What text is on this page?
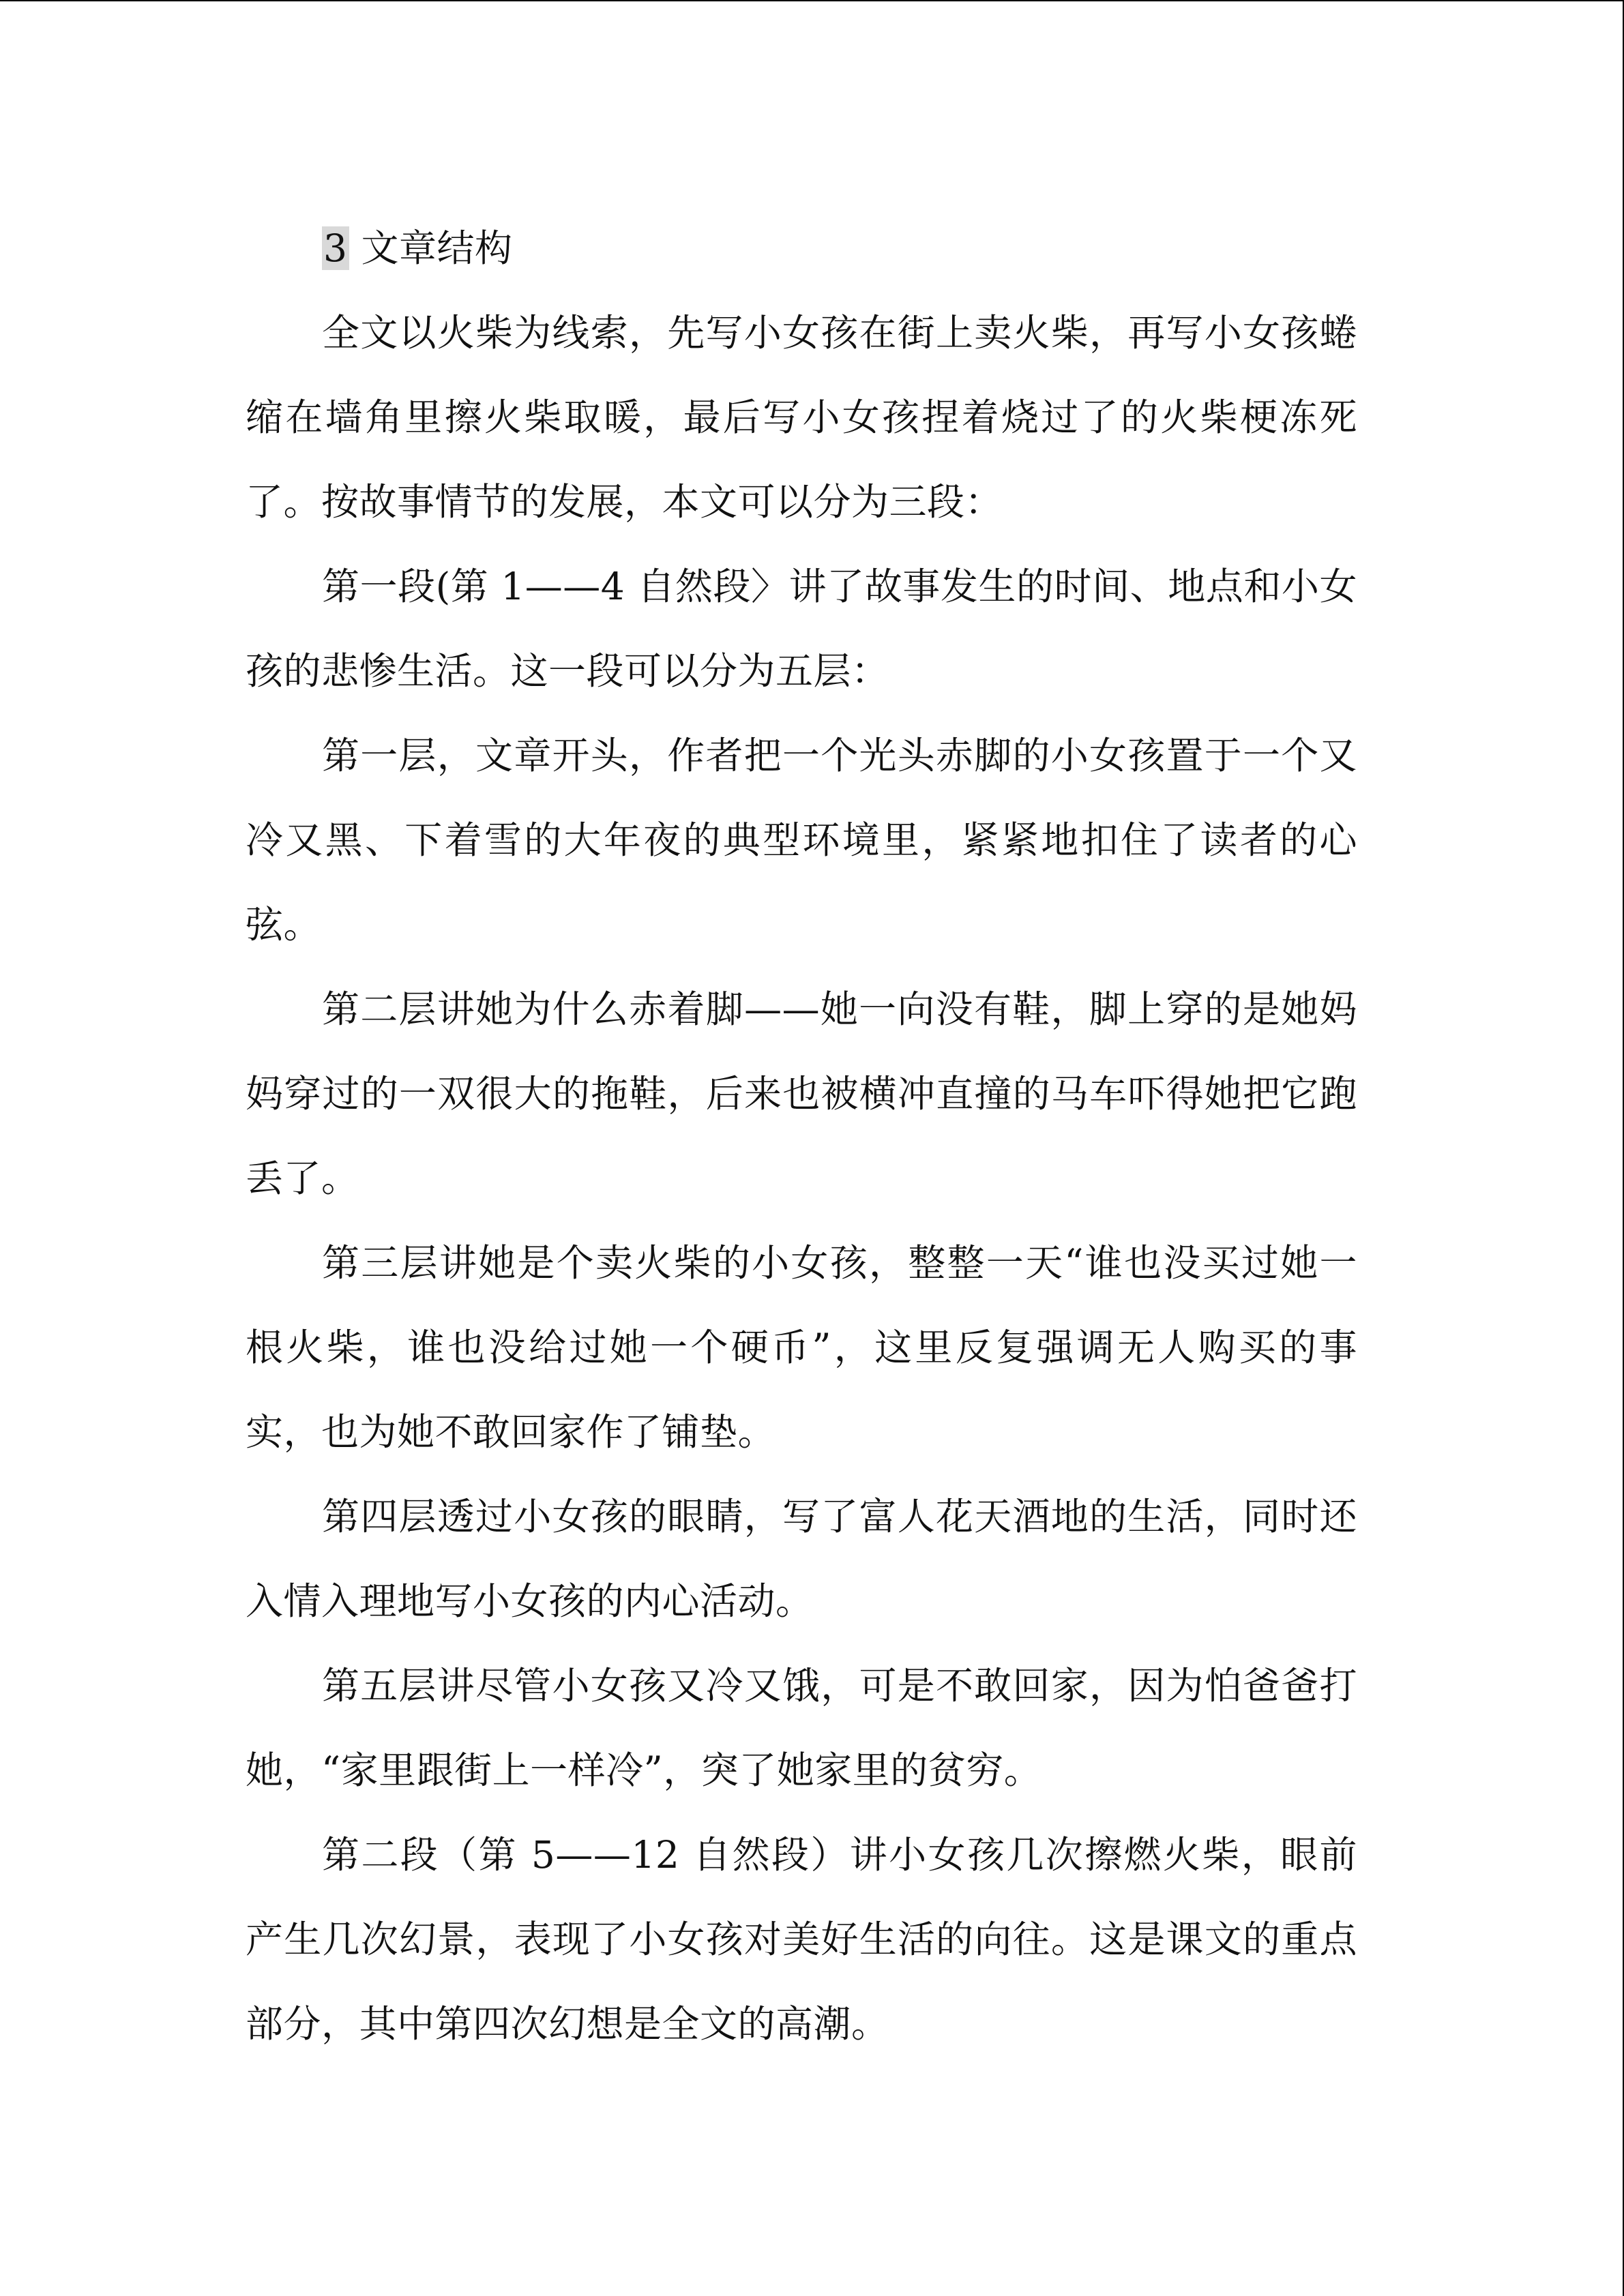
3 文章结构

全文以火柴为线索，先写小女孩在街上卖火柴，再写小女孩蜷缩在墙角里擦火柴取暖，最后写小女孩捏着烧过了的火柴梗冻死了。按故事情节的发展，本文可以分为三段：

第一段(第 1——4 自然段〉讲了故事发生的时间、地点和小女孩的悲惨生活。这一段可以分为五层：

第一层，文章开头，作者把一个光头赤脚的小女孩置于一个又冷又黑、下着雪的大年夜的典型环境里，紧紧地扣住了读者的心弦。

第二层讲她为什么赤着脚——她一向没有鞋，脚上穿的是她妈妈穿过的一双很大的拖鞋，后来也被横冲直撞的马车吓得她把它跑丢了。

第三层讲她是个卖火柴的小女孩，整整一天“谁也没买过她一根火柴，谁也没给过她一个硬币”，这里反复强调无人购买的事实，也为她不敢回家作了铺垫。

第四层透过小女孩的眼睛，写了富人花天酒地的生活，同时还入情入理地写小女孩的内心活动。

第五层讲尽管小女孩又冷又饿，可是不敢回家，因为怕爸爸打她，“家里跟街上一样冷”，突了她家里的贫穷。

第二段（第 5——12 自然段）讲小女孩几次擦燃火柴，眼前产生几次幻景，表现了小女孩对美好生活的向往。这是课文的重点部分，其中第四次幻想是全文的高潮。
